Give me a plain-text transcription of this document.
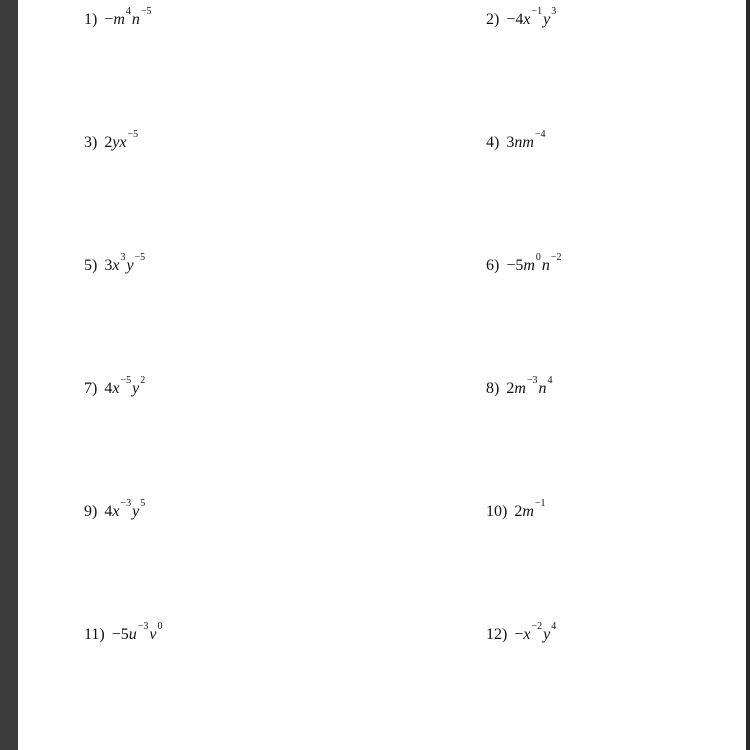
$1) -m^4n^{-5}$	$2) -4x^{-1}y^3$
3) $2yx^{-5}$	4) $3nm^{-4}$
5) $3x^3y^{-5}$	$6) -5m^0n^{-2}$
7) $4x^{-5}y^2$	8) $2m^{-3}n^4$
9) $4x^{-3}y^5$	10) $2m^{-1}$
$11) -5u^{-3}v^0$	$12) -x^{-2}y^4$
